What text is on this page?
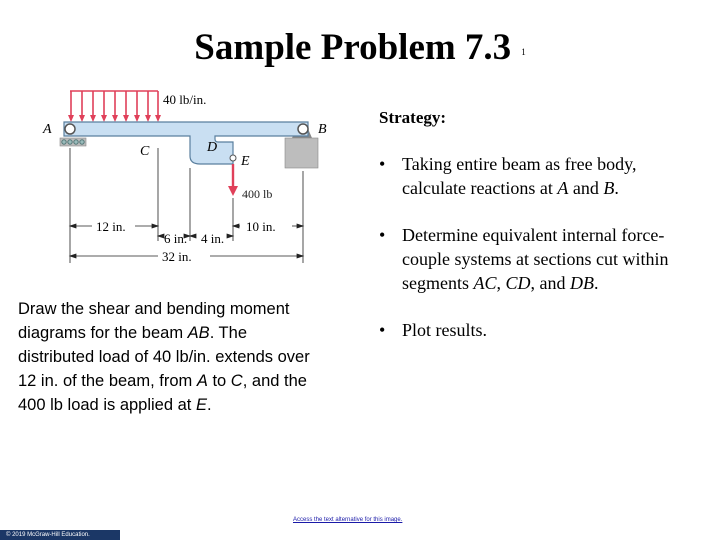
Sample Problem 7.3 1
40 lb/in.
400 lb
A	B
C	D
E
12 in.	10 in.
6 in. 4 in.
32 in.
Draw the shear and bending moment diagrams for the beam AB. The distributed load of 40 lb/in. extends over 12 in. of the beam, from A to C, and the 400 lb load is applied at E.
Strategy:
• Taking entire beam as free body, calculate reactions at A and B.
• Determine equivalent internal force-couple systems at sections cut within segments AC, CD, and DB.
• Plot results.
Access the text alternative for this image.
© 2019 McGraw-Hill Education.
